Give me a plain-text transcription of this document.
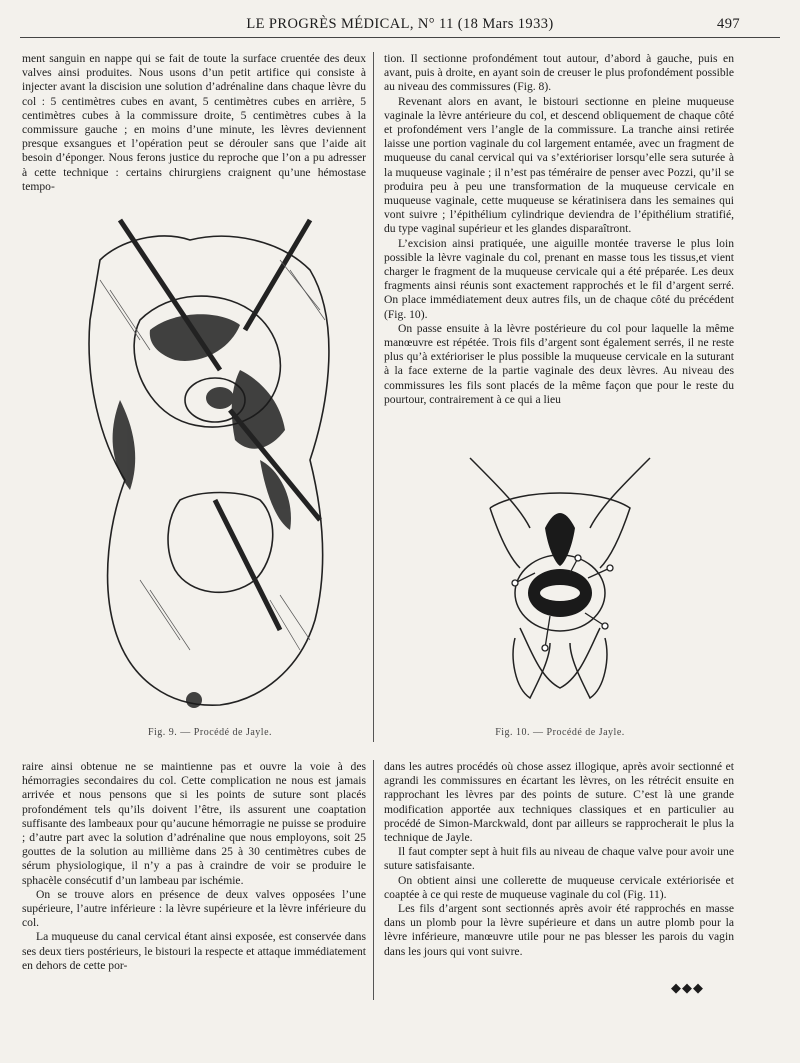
LE PROGRÈS MÉDICAL, N° 11 (18 Mars 1933)	497

ment sanguin en nappe qui se fait de toute la surface cruentée des deux valves ainsi produites. Nous usons d’un petit artifice qui consiste à injecter avant la discision une solution d’adrénaline dans chaque lèvre du col : 5 centimètres cubes en avant, 5 centimètres cubes en arrière, 5 centimètres cubes à la commissure droite, 5 centimètres cubes à la commissure gauche ; en moins d’une minute, les lèvres deviennent presque exsangues et l’opération peut se dérouler sans que l’aide ait besoin d’éponger. Nous ferons justice du reproche que l’on a pu adresser à cette technique : certains chirurgiens craignent qu’une hémostase tempo-

tion. Il sectionne profondément tout autour, d’abord à gauche, puis en avant, puis à droite, en ayant soin de creuser le plus profondément possible au niveau des commissures (Fig. 8).

Revenant alors en avant, le bistouri sectionne en pleine muqueuse vaginale la lèvre antérieure du col, et descend obliquement de chaque côté et profondément vers l’angle de la commissure. La tranche ainsi retirée laisse une portion vaginale du col largement entamée, avec un fragment de muqueuse du canal cervical qui va s’extérioriser lorsqu’elle sera suturée à la muqueuse vaginale ; il n’est pas téméraire de penser avec Pozzi, qu’il se produira peu à peu une transformation de la muqueuse cervicale en muqueuse vaginale, cette muqueuse se kératinisera dans les semaines qui vont suivre ; l’épithélium cylindrique deviendra de l’épithélium stratifié, du type vaginal supérieur et les glandes disparaîtront.

L’excision ainsi pratiquée, une aiguille montée traverse le plus loin possible la lèvre vaginale du col, prenant en masse tous les tissus,et vient charger le fragment de la muqueuse cervicale qui a été préparée. Les deux fragments ainsi réunis sont exactement rapprochés et le fil d’argent serré. On place immédiatement deux autres fils, un de chaque côté du précédent (Fig. 10).

On passe ensuite à la lèvre postérieure du col pour laquelle la même manœuvre est répétée. Trois fils d’argent sont également serrés, il ne reste plus qu’à extérioriser le plus possible la muqueuse cervicale en la suturant à la face externe de la partie vaginale des deux lèvres. Au niveau des commissures les fils sont placés de la même façon que pour le reste du pourtour, contrairement à ce qui a lieu

Fig. 9. — Procédé de Jayle.	Fig. 10. — Procédé de Jayle.

raire ainsi obtenue ne se maintienne pas et ouvre la voie à des hémorragies secondaires du col. Cette complication ne nous est jamais arrivée et nous pensons que si les points de suture sont placés profondément tels qu’ils doivent l’être, ils assurent une coaptation suffisante des lambeaux pour qu’aucune hémorragie ne puisse se produire ; d’autre part avec la solution d’adrénaline que nous employons, soit 25 gouttes de la solution au millième dans 25 à 30 centimètres cubes de sérum physiologique, il n’y a pas à craindre de voir se produire le sphacèle consécutif d’un lambeau par ischémie.

On se trouve alors en présence de deux valves opposées l’une supérieure, l’autre inférieure : la lèvre supérieure et la lèvre inférieure du col.

La muqueuse du canal cervical étant ainsi exposée, est conservée dans ses deux tiers postérieurs, le bistouri la respecte et attaque immédiatement en dehors de cette por-

dans les autres procédés où chose assez illogique, après avoir sectionné et agrandi les commissures en écartant les lèvres, on les rétrécit ensuite en rapprochant les lèvres par des points de suture. C’est là une grande modification apportée aux techniques classiques et en particulier au procédé de Simon-Marckwald, dont par ailleurs se rapprocherait le plus la technique de Jayle.

Il faut compter sept à huit fils au niveau de chaque valve pour avoir une suture satisfaisante.

On obtient ainsi une collerette de muqueuse cervicale extériorisée et coaptée à ce qui reste de muqueuse vaginale du col (Fig. 11).

Les fils d’argent sont sectionnés après avoir été rapprochés en masse dans un plomb pour la lèvre supérieure et dans un autre plomb pour la lèvre inférieure, manœuvre utile pour ne pas blesser les parois du vagin dans les jours qui vont suivre.

◆◆◆
